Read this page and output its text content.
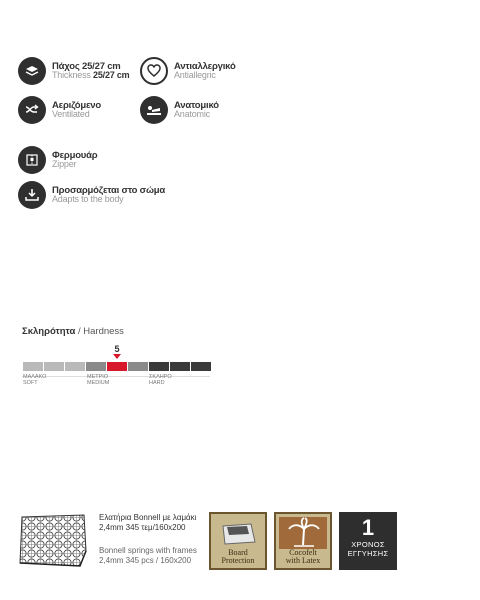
Πάχος 25/27 cm
Thickness 25/27 cm
Αντιαλλεργικό
Antiallegric
Αεριζόμενο
Ventilated
Ανατομικό
Anatomic
Φερμουάρ
Zipper
Προσαρμόζεται στο σώμα
Adapts to the body
Σκληρότητα / Hardness
5
ΜΑΛΑΚΟ
SOFT
ΜΕΤΡΙΟ
MEDIUM
ΣΚΛΗΡΟ
HARD
Ελατήρια Bonnell με λαμάκι
2,4mm 345 τεμ/160x200
Bonnell springs with frames
2,4mm 345 pcs / 160x200
Board
Protection
Cocofelt
with Latex
1
ΧΡΟΝΟΣ
ΕΓΓΥΗΣΗΣ
